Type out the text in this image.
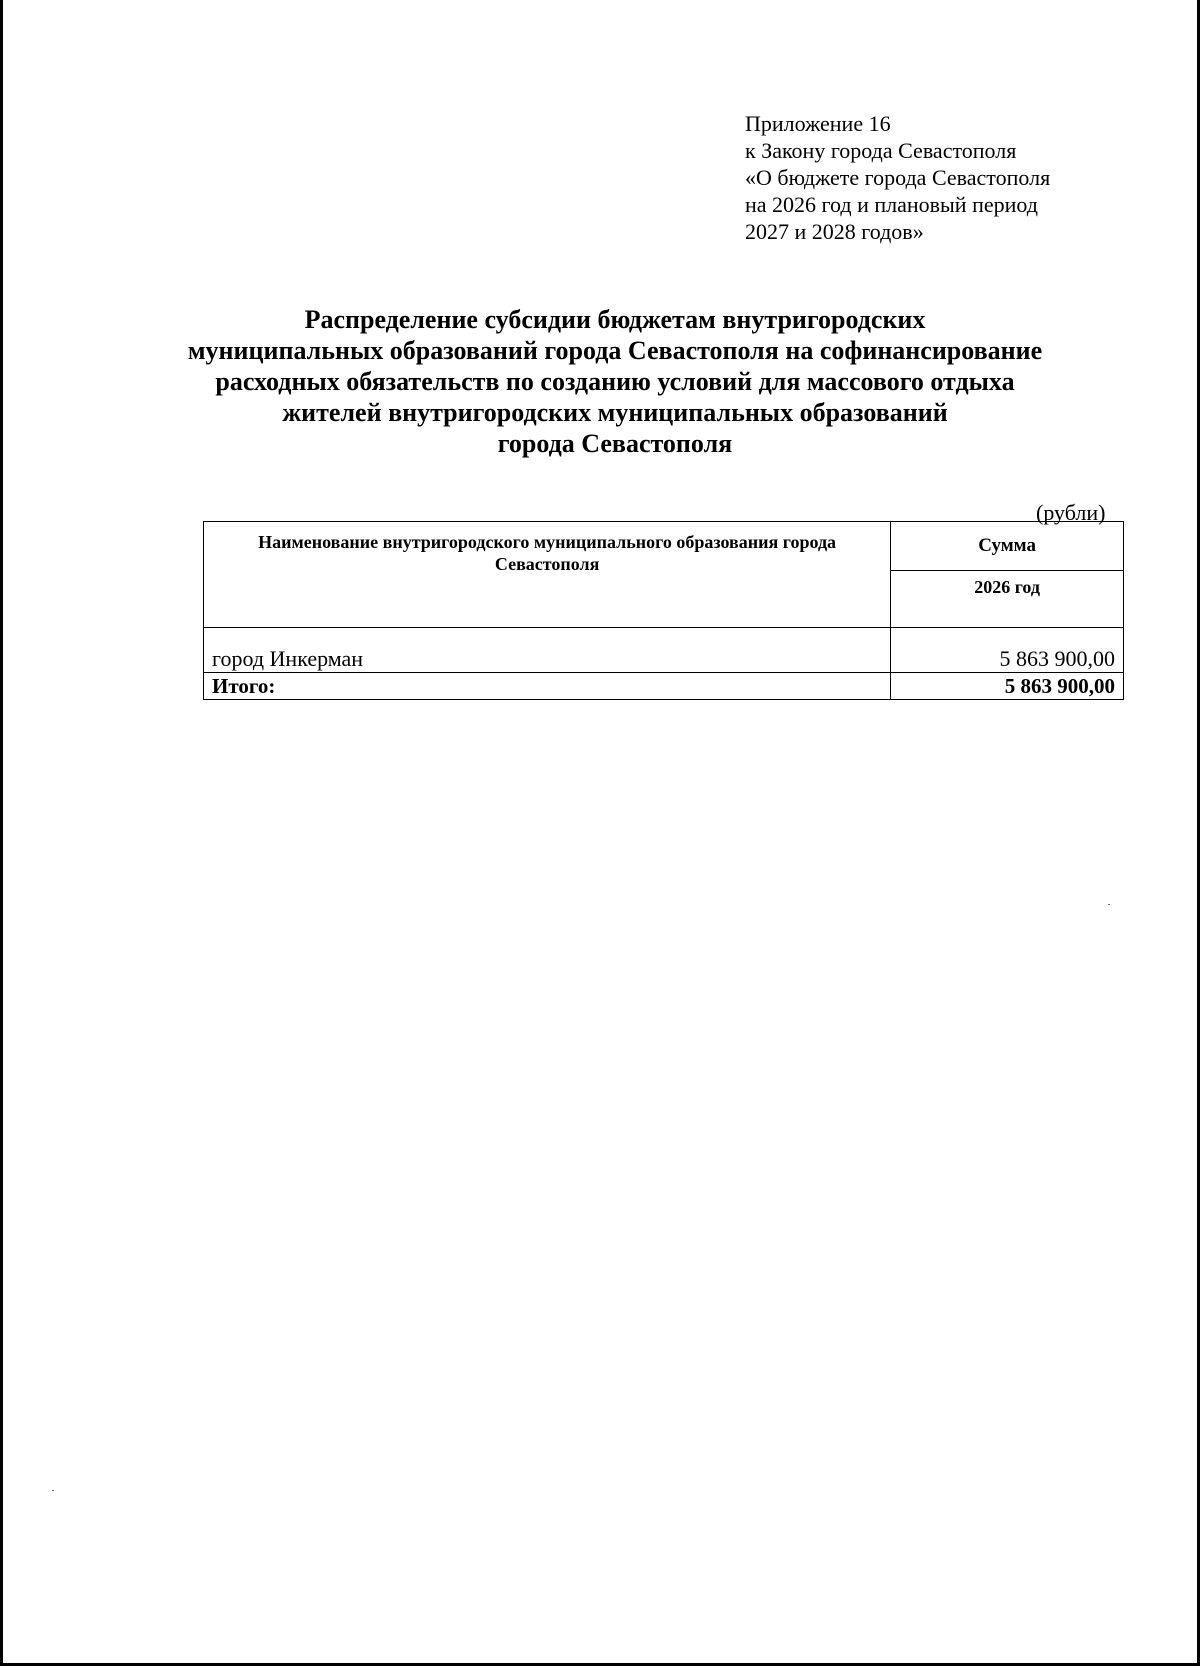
Приложение 16
к Закону города Севастополя
«О бюджете города Севастополя
на 2026 год и плановый период
2027 и 2028 годов»
Распределение субсидии бюджетам внутригородских
муниципальных образований города Севастополя на софинансирование
расходных обязательств по созданию условий для массового отдыха
жителей внутригородских муниципальных образований
города Севастополя
(рубли)
Наименование внутригородского муниципального образования города Севастополя	Сумма
	2026 год
город Инкерман	5 863 900,00
Итого:	5 863 900,00
